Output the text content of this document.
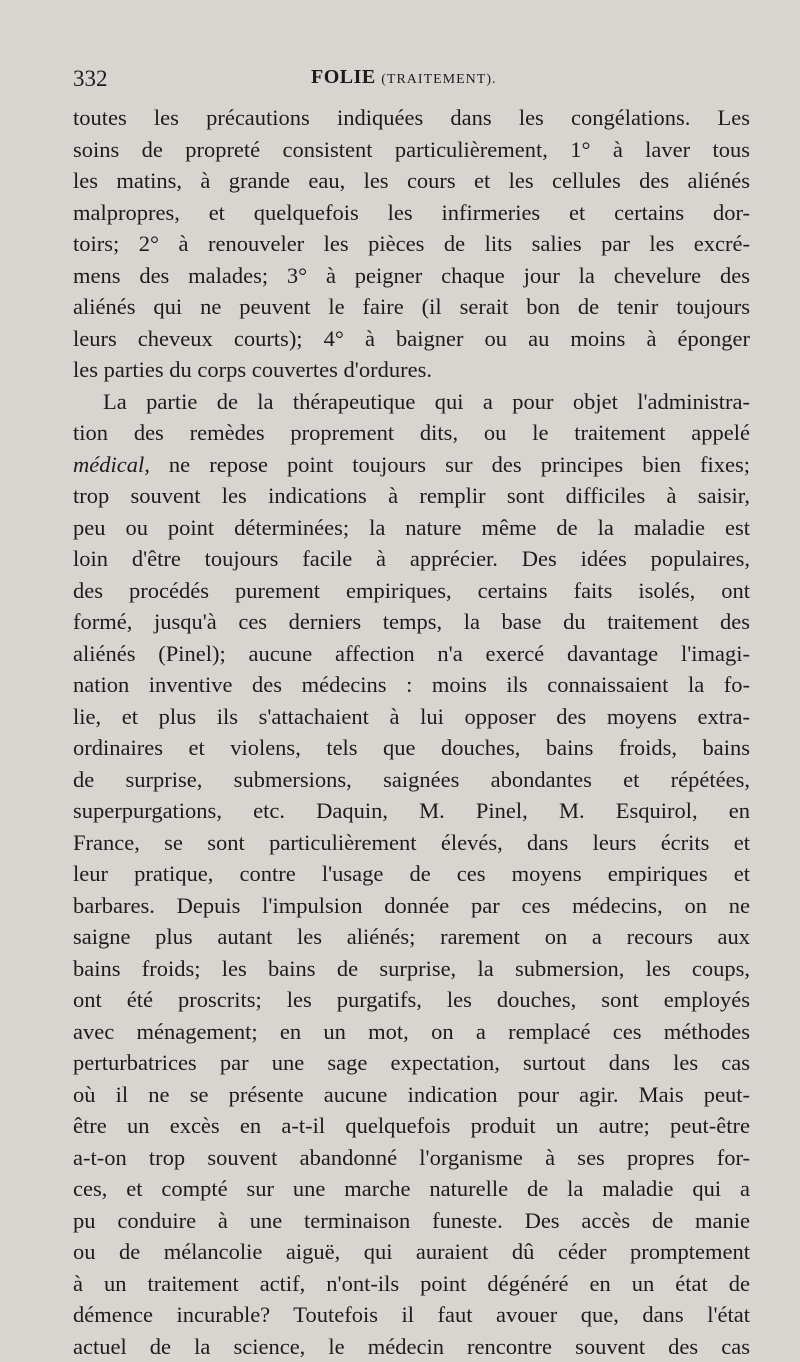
332	FOLIE (TRAITEMENT).
toutes les précautions indiquées dans les congélations. Les
soins de propreté consistent particulièrement, 1° à laver tous
les matins, à grande eau, les cours et les cellules des aliénés
malpropres, et quelquefois les infirmeries et certains dor-
toirs; 2° à renouveler les pièces de lits salies par les excré-
mens des malades; 3° à peigner chaque jour la chevelure des
aliénés qui ne peuvent le faire (il serait bon de tenir toujours
leurs cheveux courts); 4° à baigner ou au moins à éponger
les parties du corps couvertes d'ordures.
La partie de la thérapeutique qui a pour objet l'administra-
tion des remèdes proprement dits, ou le traitement appelé
médical, ne repose point toujours sur des principes bien fixes;
trop souvent les indications à remplir sont difficiles à saisir,
peu ou point déterminées; la nature même de la maladie est
loin d'être toujours facile à apprécier. Des idées populaires,
des procédés purement empiriques, certains faits isolés, ont
formé, jusqu'à ces derniers temps, la base du traitement des
aliénés (Pinel); aucune affection n'a exercé davantage l'imagi-
nation inventive des médecins : moins ils connaissaient la fo-
lie, et plus ils s'attachaient à lui opposer des moyens extra-
ordinaires et violens, tels que douches, bains froids, bains
de surprise, submersions, saignées abondantes et répétées,
superpurgations, etc. Daquin, M. Pinel, M. Esquirol, en
France, se sont particulièrement élevés, dans leurs écrits et
leur pratique, contre l'usage de ces moyens empiriques et
barbares. Depuis l'impulsion donnée par ces médecins, on ne
saigne plus autant les aliénés; rarement on a recours aux
bains froids; les bains de surprise, la submersion, les coups,
ont été proscrits; les purgatifs, les douches, sont employés
avec ménagement; en un mot, on a remplacé ces méthodes
perturbatrices par une sage expectation, surtout dans les cas
où il ne se présente aucune indication pour agir. Mais peut-
être un excès en a-t-il quelquefois produit un autre; peut-être
a-t-on trop souvent abandonné l'organisme à ses propres for-
ces, et compté sur une marche naturelle de la maladie qui a
pu conduire à une terminaison funeste. Des accès de manie
ou de mélancolie aiguë, qui auraient dû céder promptement
à un traitement actif, n'ont-ils point dégénéré en un état de
démence incurable? Toutefois il faut avouer que, dans l'état
actuel de la science, le médecin rencontre souvent des cas
